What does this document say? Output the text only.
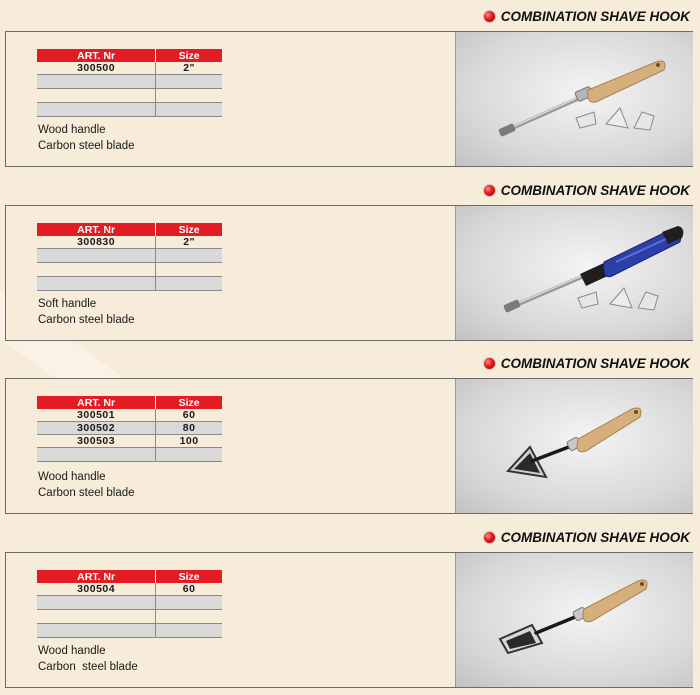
COMBINATION SHAVE HOOK
ART. Nr	Size
300500	2"

Wood handle
Carbon steel blade
COMBINATION SHAVE HOOK
ART. Nr	Size
300830	2"

Soft handle
Carbon steel blade
COMBINATION SHAVE HOOK
ART. Nr	Size
300501	60
300502	80
300503	100

Wood handle
Carbon steel blade
COMBINATION SHAVE HOOK
ART. Nr	Size
300504	60

Wood handle
Carbon  steel blade
